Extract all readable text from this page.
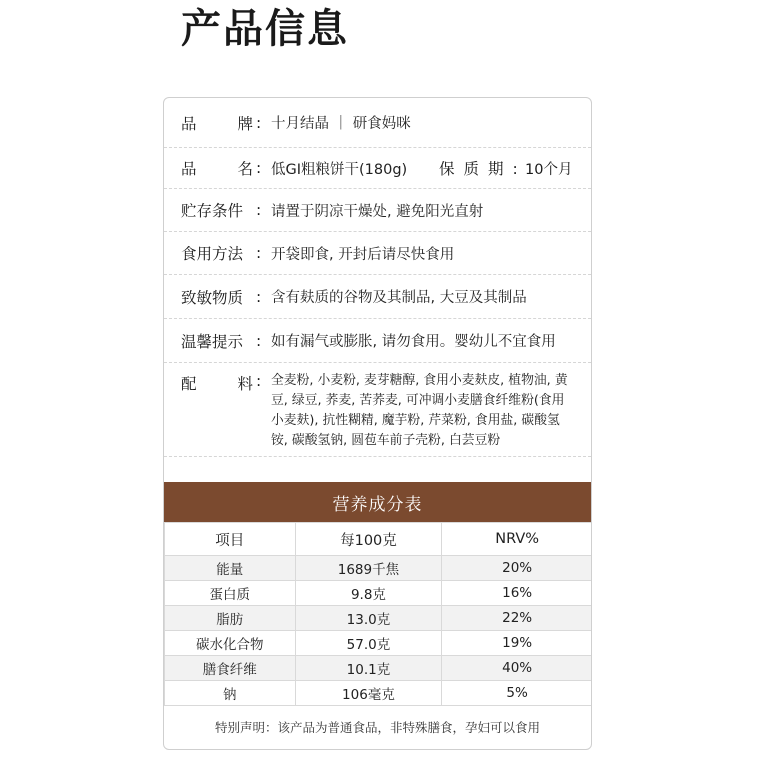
产品信息
品	牌 : 十月结晶 ｜ 研食妈咪
品	名 : 低GI粗粮饼干(180g) 保质期: 10个月
贮存条件 : 请置于阴凉干燥处, 避免阳光直射
食用方法 : 开袋即食, 开封后请尽快食用
致敏物质 : 含有麸质的谷物及其制品, 大豆及其制品
温馨提示 : 如有漏气或膨胀, 请勿食用。婴幼儿不宜食用
配	料 : 全麦粉, 小麦粉, 麦芽糖醇, 食用小麦麸皮, 植物油, 黄豆, 绿豆, 荞麦, 苦荞麦, 可冲调小麦膳食纤维粉(食用小麦麸), 抗性糊精, 魔芋粉, 芹菜粉, 食用盐, 碳酸氢铵, 碳酸氢钠, 圆苞车前子壳粉, 白芸豆粉
营养成分表
项目	每100克	NRV%
能量	1689千焦	20%
蛋白质	9.8克	16%
脂肪	13.0克	22%
碳水化合物	57.0克	19%
膳食纤维	10.1克	40%
钠	106毫克	5%
特别声明：该产品为普通食品，非特殊膳食，孕妇可以食用
